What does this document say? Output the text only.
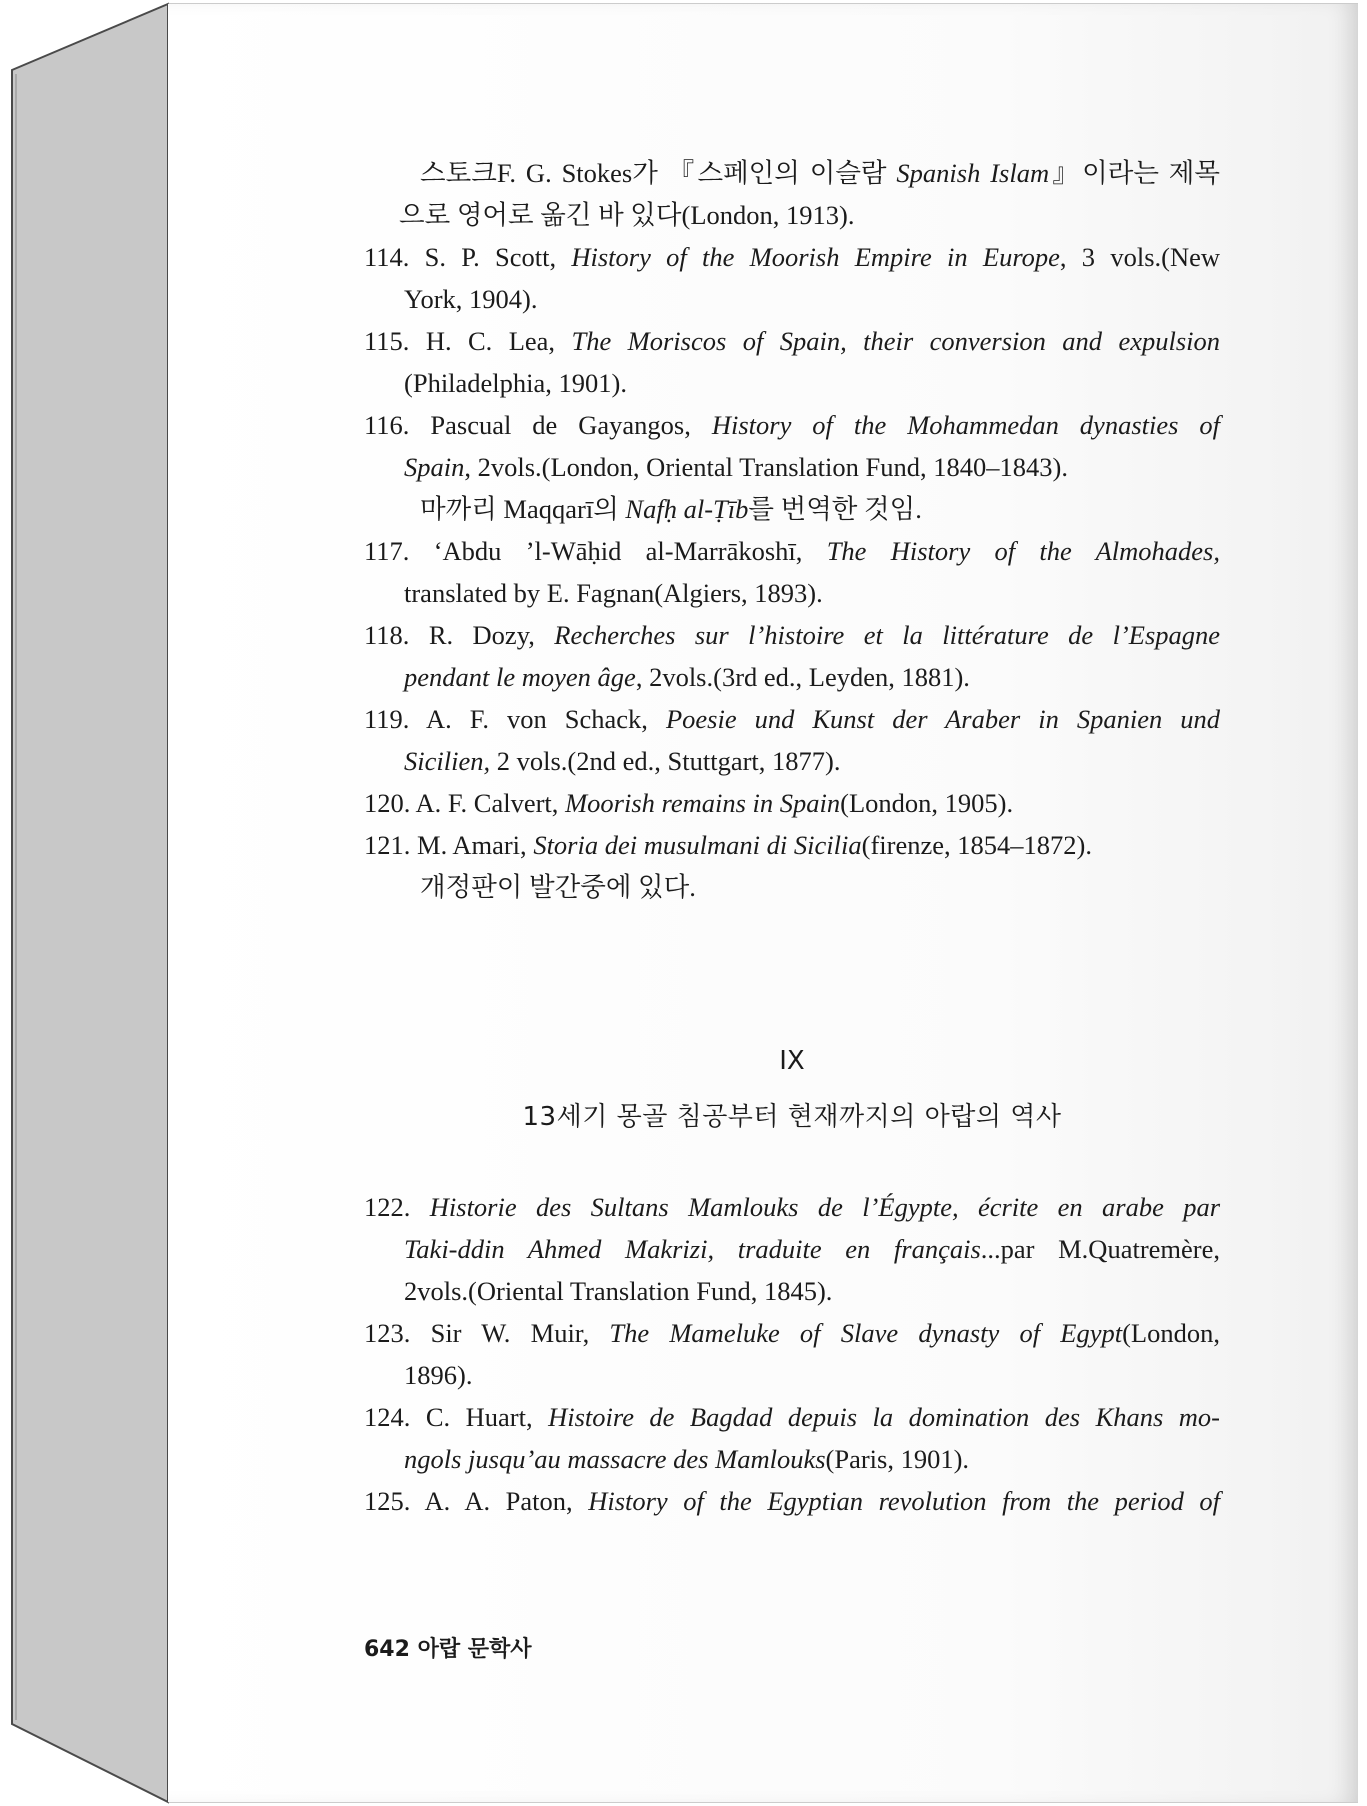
스토크F. G. Stokes가 『스페인의 이슬람 Spanish Islam』이라는 제목
으로 영어로 옮긴 바 있다(London, 1913).
114. S. P. Scott, History of the Moorish Empire in Europe, 3 vols.(New
York, 1904).
115. H. C. Lea, The Moriscos of Spain, their conversion and expulsion
(Philadelphia, 1901).
116. Pascual de Gayangos, History of the Mohammedan dynasties of
Spain, 2vols.(London, Oriental Translation Fund, 1840–1843).
마까리 Maqqarī의 Nafḥ al-Ṭīb를 번역한 것임.
117. ‘Abdu ’l-Wāḥid al-Marrākoshī, The History of the Almohades,
translated by E. Fagnan(Algiers, 1893).
118. R. Dozy, Recherches sur l’histoire et la littérature de l’Espagne
pendant le moyen âge, 2vols.(3rd ed., Leyden, 1881).
119. A. F. von Schack, Poesie und Kunst der Araber in Spanien und
Sicilien, 2 vols.(2nd ed., Stuttgart, 1877).
120. A. F. Calvert, Moorish remains in Spain(London, 1905).
121. M. Amari, Storia dei musulmani di Sicilia(firenze, 1854–1872).
개정판이 발간중에 있다.
IX
13세기 몽골 침공부터 현재까지의 아랍의 역사
122. Historie des Sultans Mamlouks de l’Égypte, écrite en arabe par
Taki-ddin Ahmed Makrizi, traduite en français...par M.Quatremère,
2vols.(Oriental Translation Fund, 1845).
123. Sir W. Muir, The Mameluke of Slave dynasty of Egypt(London,
1896).
124. C. Huart, Histoire de Bagdad depuis la domination des Khans mo-
ngols jusqu’au massacre des Mamlouks(Paris, 1901).
125. A. A. Paton, History of the Egyptian revolution from the period of
642 아랍 문학사
